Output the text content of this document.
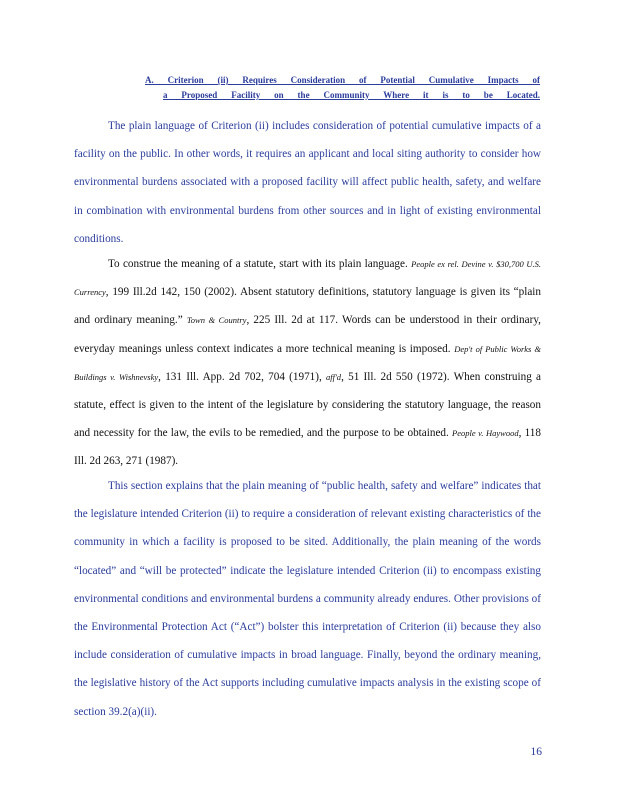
A. Criterion (ii) Requires Consideration of Potential Cumulative Impacts of
a Proposed Facility on the Community Where it is to be Located.

The plain language of Criterion (ii) includes consideration of potential cumulative impacts of a facility on the public. In other words, it requires an applicant and local siting authority to consider how environmental burdens associated with a proposed facility will affect public health, safety, and welfare in combination with environmental burdens from other sources and in light of existing environmental conditions.

To construe the meaning of a statute, start with its plain language. People ex rel. Devine v. $30,700 U.S. Currency, 199 Ill.2d 142, 150 (2002). Absent statutory definitions, statutory language is given its “plain and ordinary meaning.” Town & Country, 225 Ill. 2d at 117. Words can be understood in their ordinary, everyday meanings unless context indicates a more technical meaning is imposed. Dep't of Public Works & Buildings v. Wishnevsky, 131 Ill. App. 2d 702, 704 (1971), aff'd, 51 Ill. 2d 550 (1972). When construing a statute, effect is given to the intent of the legislature by considering the statutory language, the reason and necessity for the law, the evils to be remedied, and the purpose to be obtained. People v. Haywood, 118 Ill. 2d 263, 271 (1987).

This section explains that the plain meaning of “public health, safety and welfare” indicates that the legislature intended Criterion (ii) to require a consideration of relevant existing characteristics of the community in which a facility is proposed to be sited. Additionally, the plain meaning of the words “located” and “will be protected” indicate the legislature intended Criterion (ii) to encompass existing environmental conditions and environmental burdens a community already endures. Other provisions of the Environmental Protection Act (“Act”) bolster this interpretation of Criterion (ii) because they also include consideration of cumulative impacts in broad language. Finally, beyond the ordinary meaning, the legislative history of the Act supports including cumulative impacts analysis in the existing scope of section 39.2(a)(ii).

16
